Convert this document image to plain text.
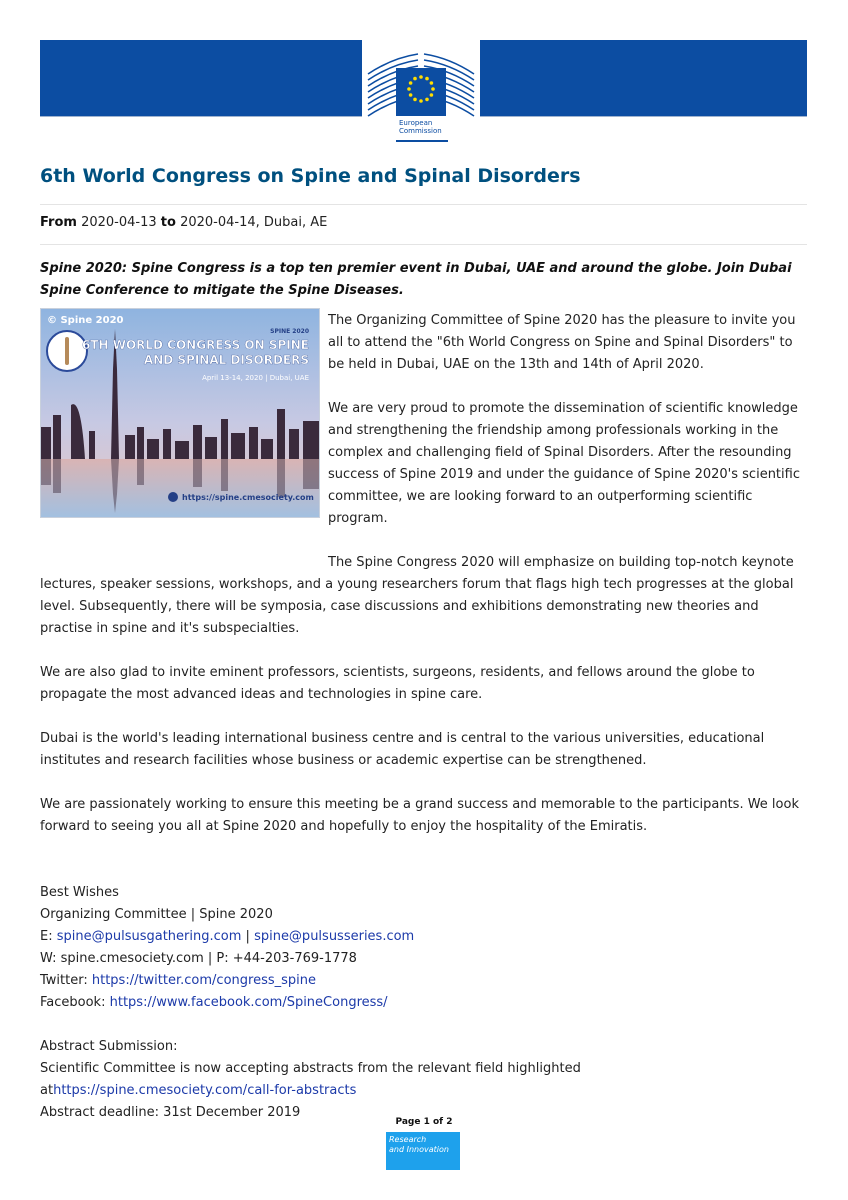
European
Commission
6th World Congress on Spine and Spinal Disorders
From 2020-04-13 to 2020-04-14, Dubai, AE

Spine 2020: Spine Congress is a top ten premier event in Dubai, UAE and around the globe. Join Dubai Spine Conference to mitigate the Spine Diseases.

© Spine 2020
SPINE 2020
6TH WORLD CONGRESS ON SPINE
AND SPINAL DISORDERS
April 13-14, 2020 | Dubai, UAE
https://spine.cmesociety.com

The Organizing Committee of Spine 2020 has the pleasure to invite you all to attend the "6th World Congress on Spine and Spinal Disorders" to be held in Dubai, UAE on the 13th and 14th of April 2020.

We are very proud to promote the dissemination of scientific knowledge and strengthening the friendship among professionals working in the complex and challenging field of Spinal Disorders. After the resounding success of Spine 2019 and under the guidance of Spine 2020's scientific committee, we are looking forward to an outperforming scientific program.

The Spine Congress 2020 will emphasize on building top-notch keynote lectures, speaker sessions, workshops, and a young researchers forum that flags high tech progresses at the global level. Subsequently, there will be symposia, case discussions and exhibitions demonstrating new theories and practise in spine and it's subspecialties.

We are also glad to invite eminent professors, scientists, surgeons, residents, and fellows around the globe to propagate the most advanced ideas and technologies in spine care.

Dubai is the world's leading international business centre and is central to the various universities, educational institutes and research facilities whose business or academic expertise can be strengthened.

We are passionately working to ensure this meeting be a grand success and memorable to the participants. We look forward to seeing you all at Spine 2020 and hopefully to enjoy the hospitality of the Emiratis.

Best Wishes
Organizing Committee | Spine 2020
E: spine@pulsusgathering.com | spine@pulsusseries.com
W: spine.cmesociety.com | P: +44-203-769-1778
Twitter: https://twitter.com/congress_spine
Facebook: https://www.facebook.com/SpineCongress/
Abstract Submission:
Scientific Committee is now accepting abstracts from the relevant field highlighted athttps://spine.cmesociety.com/call-for-abstracts
Abstract deadline: 31st December 2019
Page 1 of 2
Research
and Innovation
